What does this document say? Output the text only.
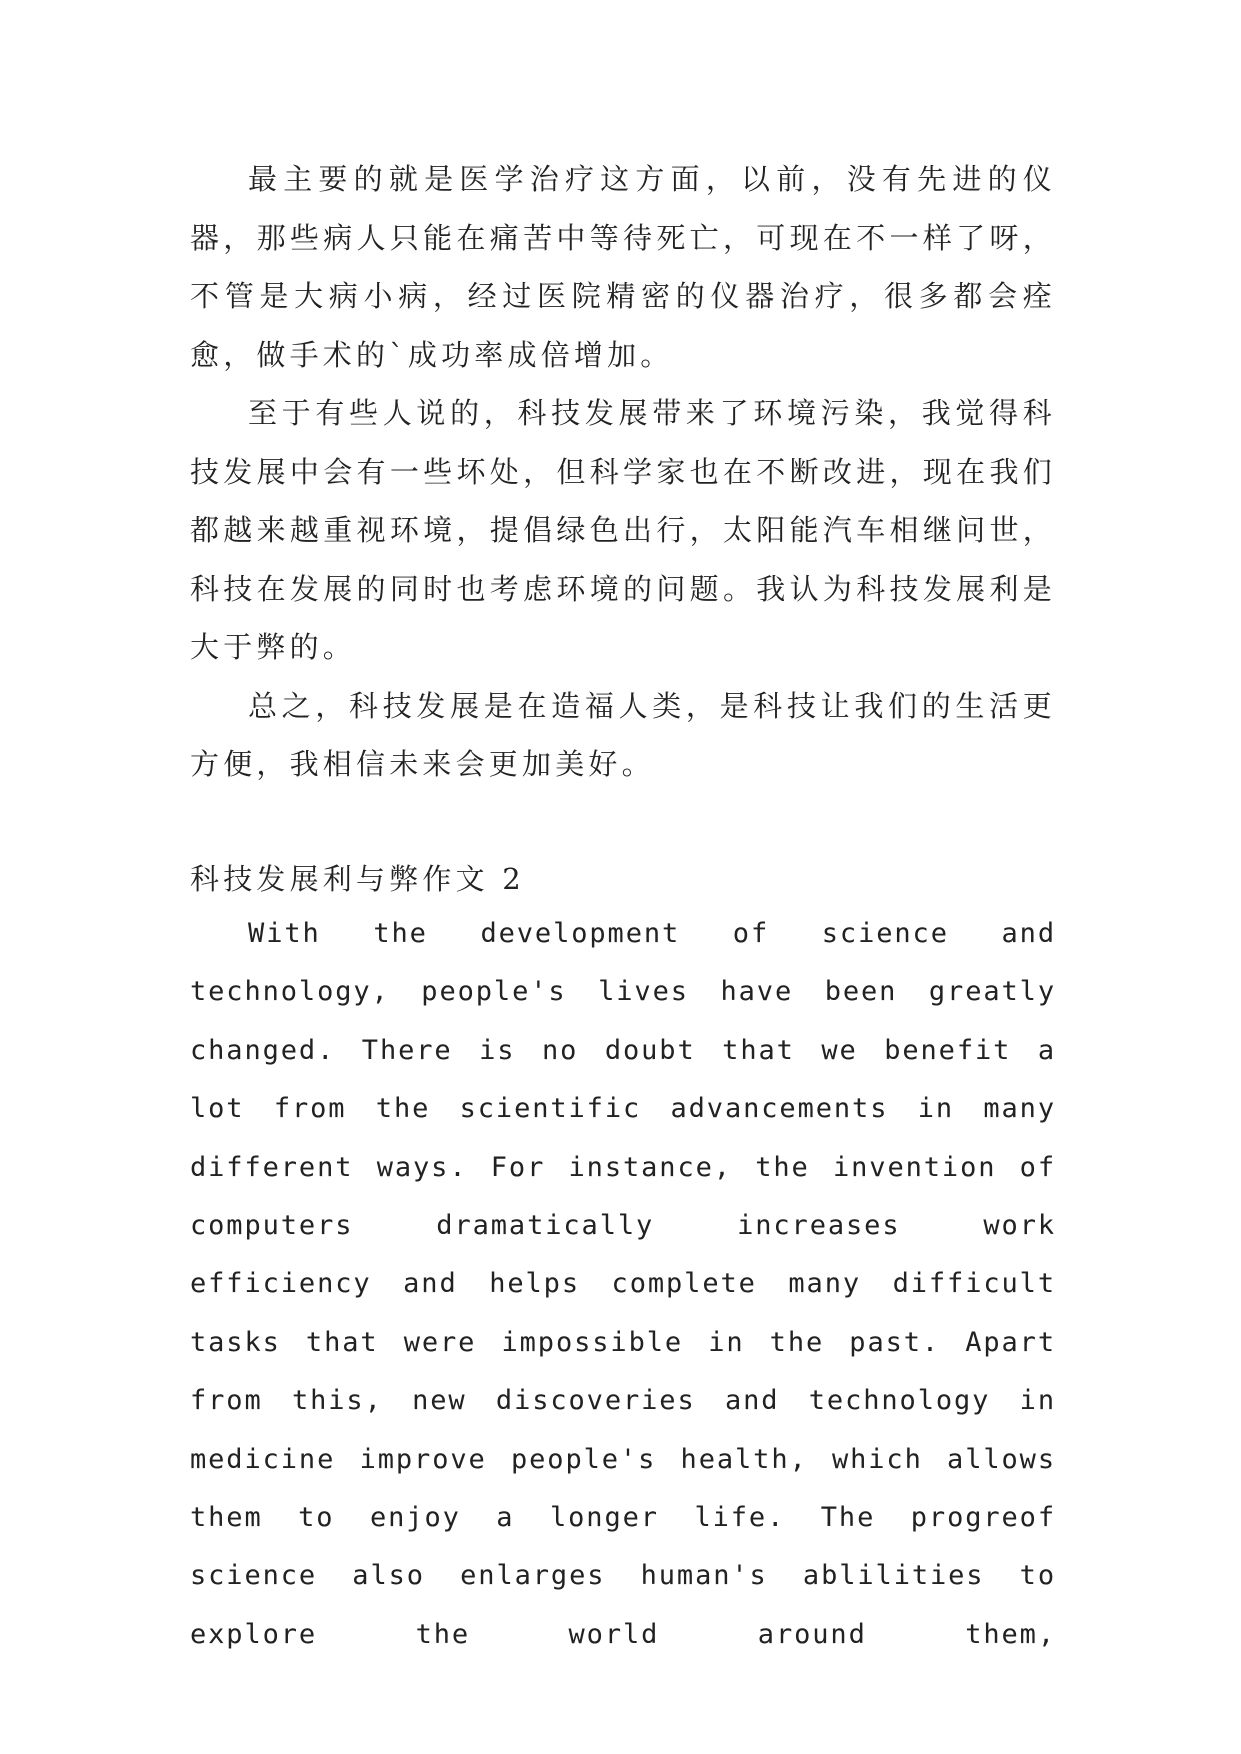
最主要的就是医学治疗这方面，以前，没有先进的仪器，那些病人只能在痛苦中等待死亡，可现在不一样了呀，不管是大病小病，经过医院精密的仪器治疗，很多都会痊愈，做手术的`成功率成倍增加。

至于有些人说的，科技发展带来了环境污染，我觉得科技发展中会有一些坏处，但科学家也在不断改进，现在我们都越来越重视环境，提倡绿色出行，太阳能汽车相继问世，科技在发展的同时也考虑环境的问题。我认为科技发展利是大于弊的。

总之，科技发展是在造福人类，是科技让我们的生活更方便，我相信未来会更加美好。

科技发展利与弊作文 2

With the development of science and technology, people's lives have been greatly changed. There is no doubt that we benefit a lot from the scientific advancements in many different ways. For instance, the invention of computers dramatically increases work efficiency and helps complete many difficult tasks that were impossible in the past. Apart from this, new discoveries and technology in medicine improve people's health, which allows them to enjoy a longer life. The progreof science also enlarges human's ablilities to explore the world around them,
